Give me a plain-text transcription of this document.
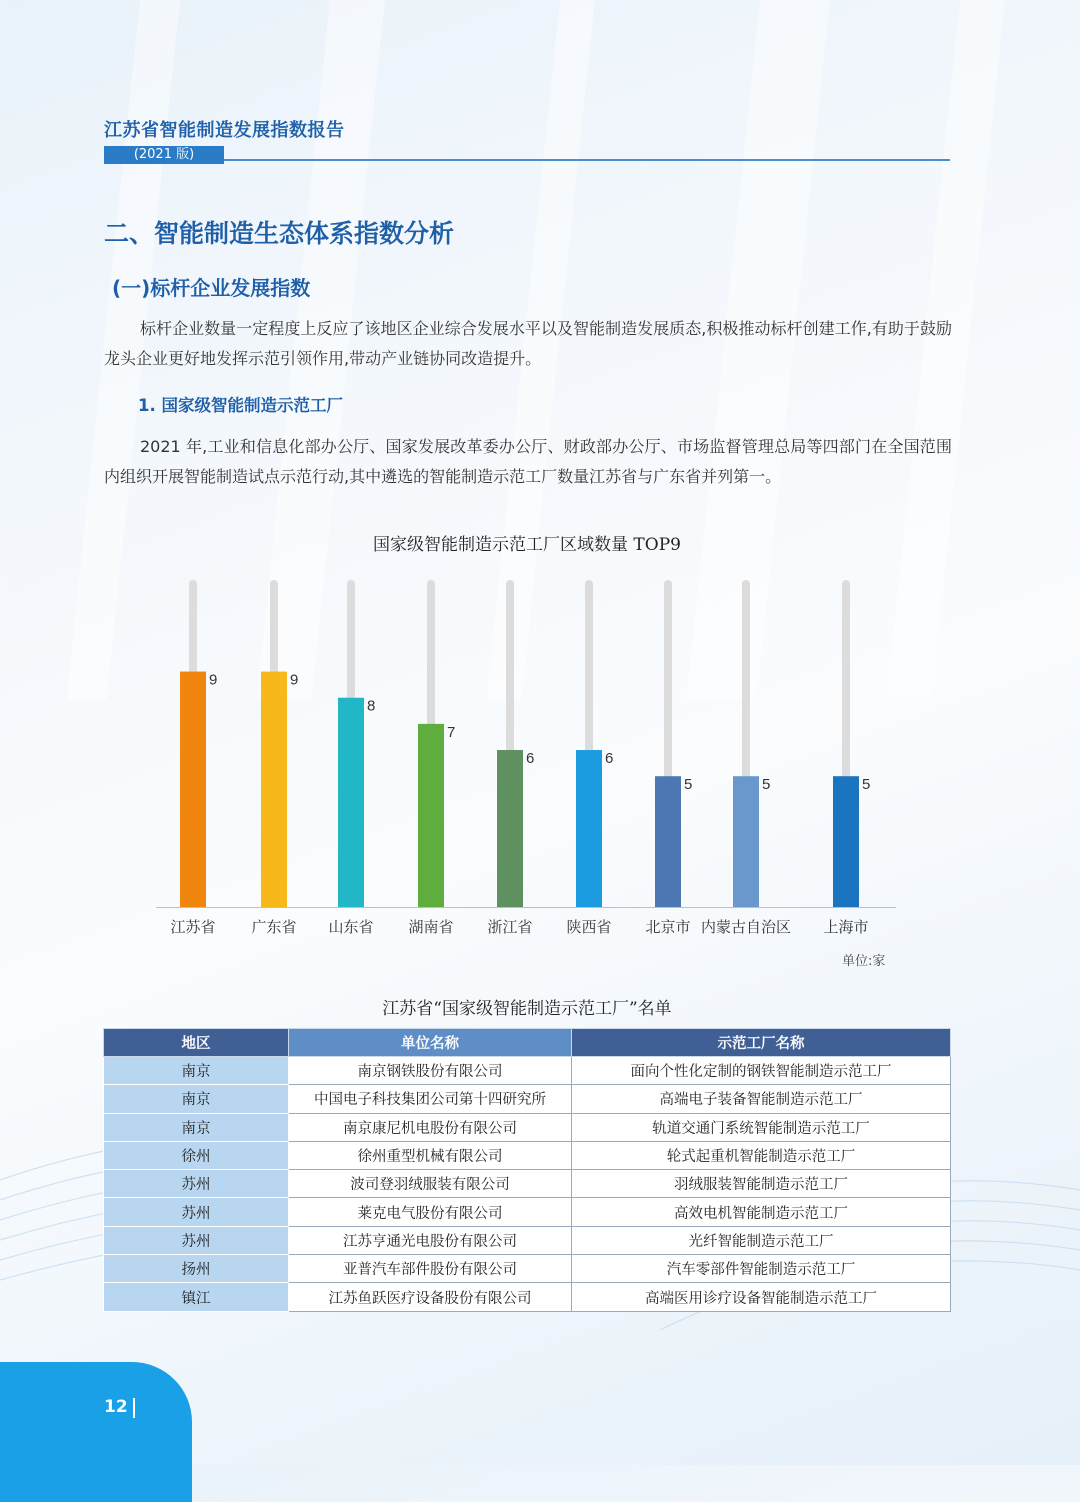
江苏省智能制造发展指数报告
(2021 版)
二、智能制造生态体系指数分析
(一)标杆企业发展指数
标杆企业数量一定程度上反应了该地区企业综合发展水平以及智能制造发展质态,积极推动标杆创建工作,有助于鼓励龙头企业更好地发挥示范引领作用,带动产业链协同改造提升。
1. 国家级智能制造示范工厂
2021 年,工业和信息化部办公厅、国家发展改革委办公厅、财政部办公厅、市场监督管理总局等四部门在全国范围内组织开展智能制造试点示范行动,其中遴选的智能制造示范工厂数量江苏省与广东省并列第一。
国家级智能制造示范工厂区域数量 TOP9
9
江苏省
9
广东省
8
山东省
7
湖南省
6
浙江省
6
陕西省
5
北京市
5
内蒙古自治区
5
上海市
单位:家
江苏省“国家级智能制造示范工厂”名单
地区	单位名称	示范工厂名称
南京	南京钢铁股份有限公司	面向个性化定制的钢铁智能制造示范工厂
南京	中国电子科技集团公司第十四研究所	高端电子装备智能制造示范工厂
南京	南京康尼机电股份有限公司	轨道交通门系统智能制造示范工厂
徐州	徐州重型机械有限公司	轮式起重机智能制造示范工厂
苏州	波司登羽绒服装有限公司	羽绒服装智能制造示范工厂
苏州	莱克电气股份有限公司	高效电机智能制造示范工厂
苏州	江苏亨通光电股份有限公司	光纤智能制造示范工厂
扬州	亚普汽车部件股份有限公司	汽车零部件智能制造示范工厂
镇江	江苏鱼跃医疗设备股份有限公司	高端医用诊疗设备智能制造示范工厂
12
